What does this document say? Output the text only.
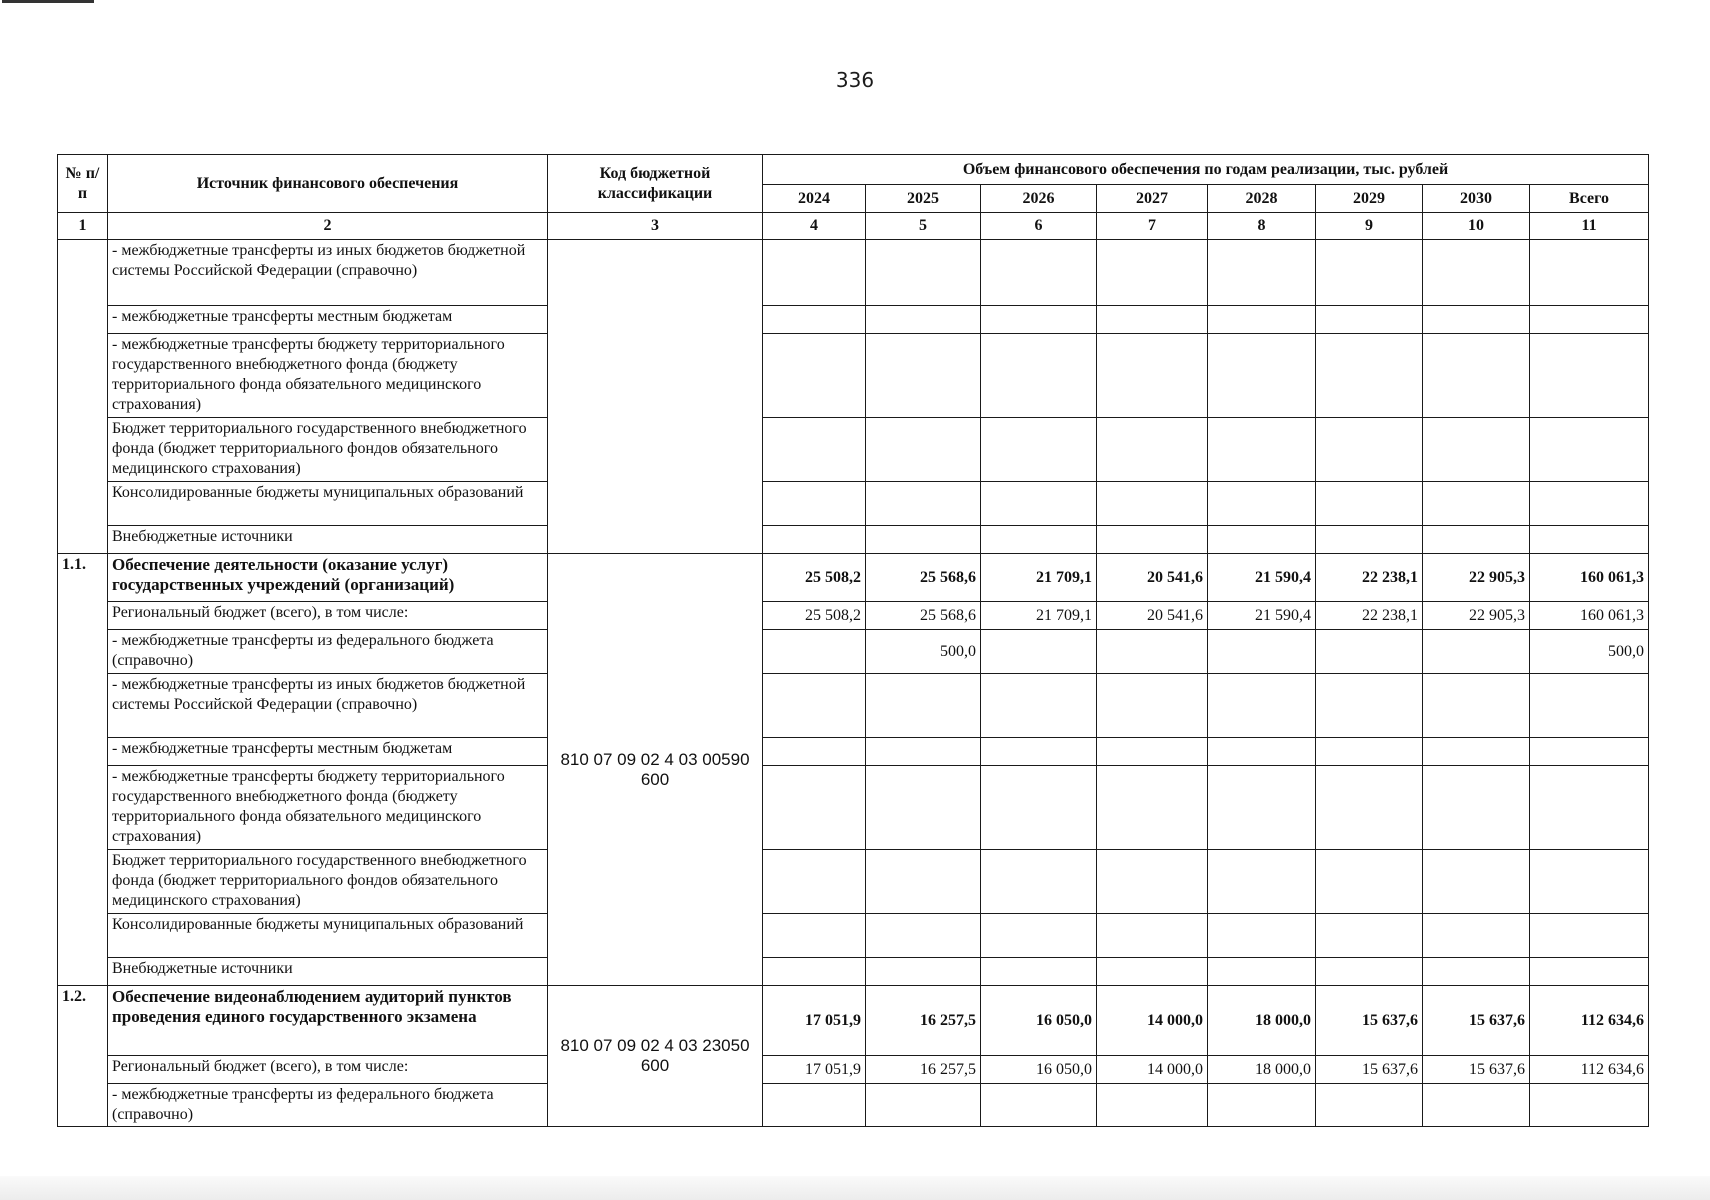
336
№ п/п	Источник финансового обеспечения	Код бюджетной классификации	Объем финансового обеспечения по годам реализации, тыс. рублей							
			2024	2025	2026	2027	2028	2029	2030	Всего
1	2	3	4	5	6	7	8	9	10	11
	- межбюджетные трансферты из иных бюджетов бюджетной системы Российской Федерации (справочно)									
	- межбюджетные трансферты местным бюджетам									
	- межбюджетные трансферты бюджету территориального государственного внебюджетного фонда (бюджету территориального фонда обязательного медицинского страхования)									
	Бюджет территориального государственного внебюджетного фонда (бюджет территориального фондов обязательного медицинского страхования)									
	Консолидированные бюджеты муниципальных образований									
	Внебюджетные источники									
1.1.	Обеспечение деятельности (оказание услуг) государственных учреждений (организаций)	810 07 09 02 4 03 00590 600	25 508,2	25 568,6	21 709,1	20 541,6	21 590,4	22 238,1	22 905,3	160 061,3
	Региональный бюджет (всего), в том числе:		25 508,2	25 568,6	21 709,1	20 541,6	21 590,4	22 238,1	22 905,3	160 061,3
	- межбюджетные трансферты из федерального бюджета (справочно)			500,0						500,0
	- межбюджетные трансферты из иных бюджетов бюджетной системы Российской Федерации (справочно)									
	- межбюджетные трансферты местным бюджетам									
	- межбюджетные трансферты бюджету территориального государственного внебюджетного фонда (бюджету территориального фонда обязательного медицинского страхования)									
	Бюджет территориального государственного внебюджетного фонда (бюджет территориального фондов обязательного медицинского страхования)									
	Консолидированные бюджеты муниципальных образований									
	Внебюджетные источники									
1.2.	Обеспечение видеонаблюдением аудиторий пунктов проведения единого государственного экзамена	810 07 09 02 4 03 23050 600	17 051,9	16 257,5	16 050,0	14 000,0	18 000,0	15 637,6	15 637,6	112 634,6
	Региональный бюджет (всего), в том числе:		17 051,9	16 257,5	16 050,0	14 000,0	18 000,0	15 637,6	15 637,6	112 634,6
	- межбюджетные трансферты из федерального бюджета (справочно)									
